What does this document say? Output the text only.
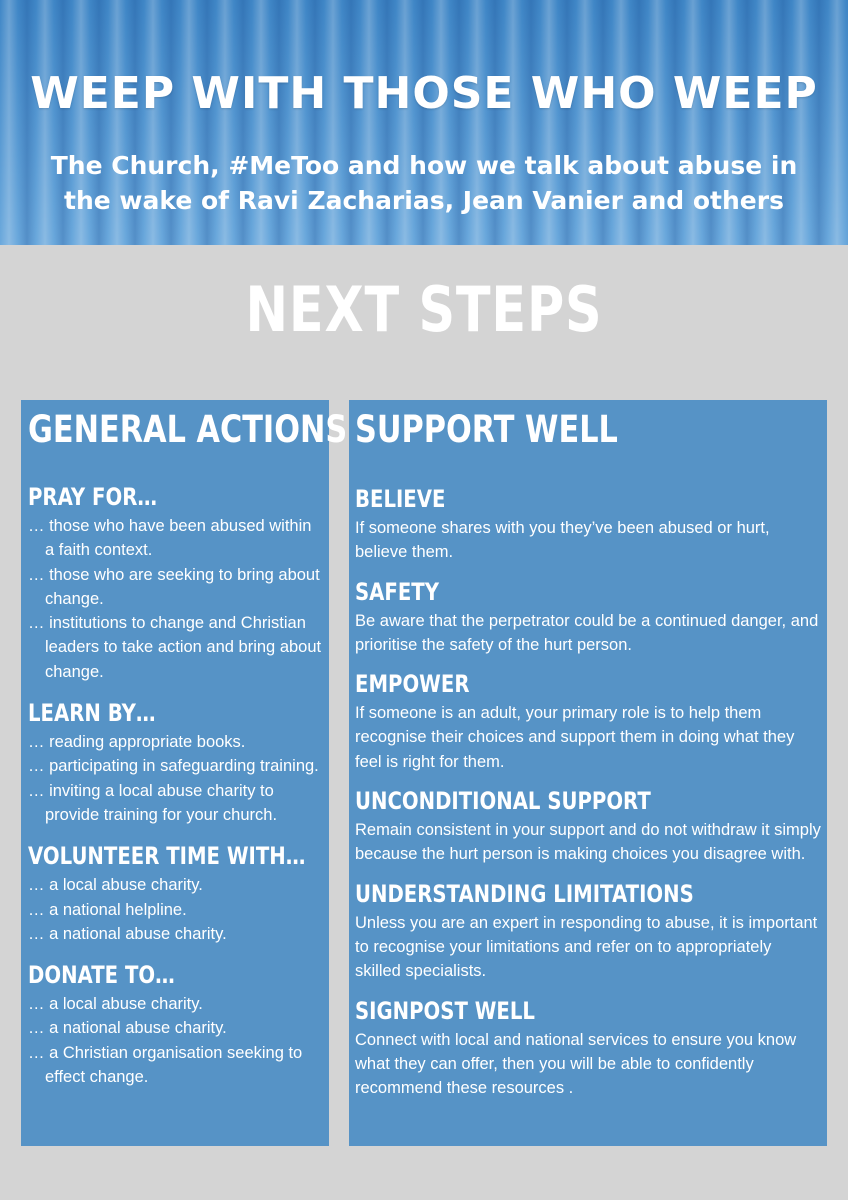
WEEP WITH THOSE WHO WEEP
The Church, #MeToo and how we talk about abuse in
the wake of Ravi Zacharias, Jean Vanier and others
NEXT STEPS
GENERAL ACTIONS
PRAY FOR…
… those who have been abused within a faith context.
… those who are seeking to bring about change.
… institutions to change and Christian leaders to take action and bring about change.
LEARN BY…
… reading appropriate books.
… participating in safeguarding training.
… inviting a local abuse charity to provide training for your church.
VOLUNTEER TIME WITH…
… a local abuse charity.
… a national helpline.
… a national abuse charity.
DONATE TO…
… a local abuse charity.
… a national abuse charity.
… a Christian organisation seeking to effect change.
SUPPORT WELL
BELIEVE

If someone shares with you they’ve been abused or hurt, believe them.

SAFETY

Be aware that the perpetrator could be a continued danger, and prioritise the safety of the hurt person.

EMPOWER

If someone is an adult, your primary role is to help them recognise their choices and support them in doing what they feel is right for them.

UNCONDITIONAL SUPPORT

Remain consistent in your support and do not withdraw it simply because the hurt person is making choices you disagree with.

UNDERSTANDING LIMITATIONS

Unless you are an expert in responding to abuse, it is important to recognise your limitations and refer on to appropriately skilled specialists.

SIGNPOST WELL

Connect with local and national services to ensure you know what they can offer, then you will be able to confidently recommend these resources .
